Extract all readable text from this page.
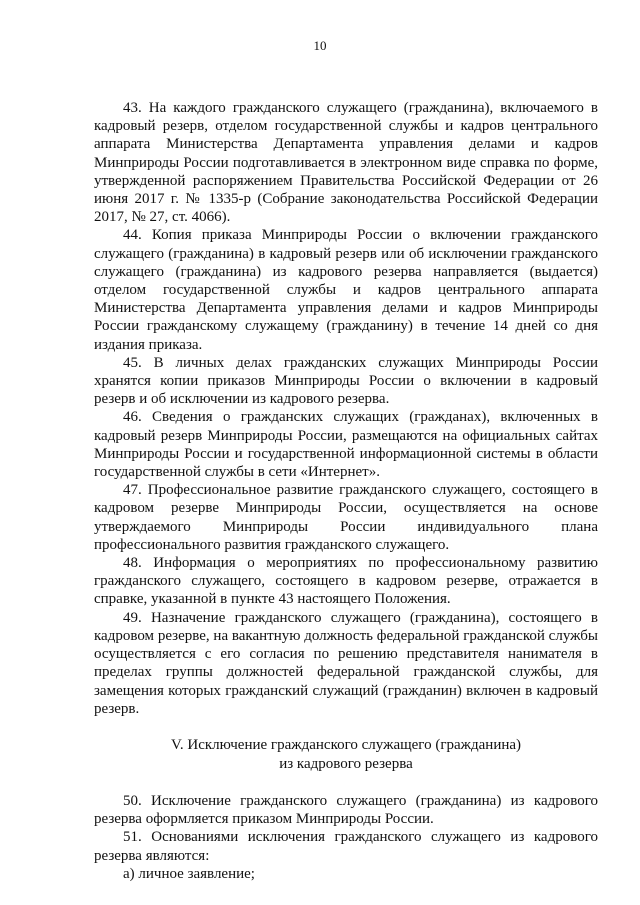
10

43. На каждого гражданского служащего (гражданина), включаемого в кадровый резерв, отделом государственной службы и кадров центрального аппарата Министерства Департамента управления делами и кадров Минприроды России подготавливается в электронном виде справка по форме, утвержденной распоряжением Правительства Российской Федерации от 26 июня 2017 г. № 1335-р (Собрание законодательства Российской Федерации 2017, № 27, ст. 4066).

44. Копия приказа Минприроды России о включении гражданского служащего (гражданина) в кадровый резерв или об исключении гражданского служащего (гражданина) из кадрового резерва направляется (выдается) отделом государственной службы и кадров центрального аппарата Министерства Департамента управления делами и кадров Минприроды России гражданскому служащему (гражданину) в течение 14 дней со дня издания приказа.

45. В личных делах гражданских служащих Минприроды России хранятся копии приказов Минприроды России о включении в кадровый резерв и об исключении из кадрового резерва.

46. Сведения о гражданских служащих (гражданах), включенных в кадровый резерв Минприроды России, размещаются на официальных сайтах Минприроды России и государственной информационной системы в области государственной службы в сети «Интернет».

47. Профессиональное развитие гражданского служащего, состоящего в кадровом резерве Минприроды России, осуществляется на основе утверждаемого Минприроды России индивидуального плана профессионального развития гражданского служащего.

48. Информация о мероприятиях по профессиональному развитию гражданского служащего, состоящего в кадровом резерве, отражается в справке, указанной в пункте 43 настоящего Положения.

49. Назначение гражданского служащего (гражданина), состоящего в кадровом резерве, на вакантную должность федеральной гражданской службы осуществляется с его согласия по решению представителя нанимателя в пределах группы должностей федеральной гражданской службы, для замещения которых гражданский служащий (гражданин) включен в кадровый резерв.

V. Исключение гражданского служащего (гражданина)
из кадрового резерва

50. Исключение гражданского служащего (гражданина) из кадрового резерва оформляется приказом Минприроды России.

51. Основаниями исключения гражданского служащего из кадрового резерва являются:

а) личное заявление;
